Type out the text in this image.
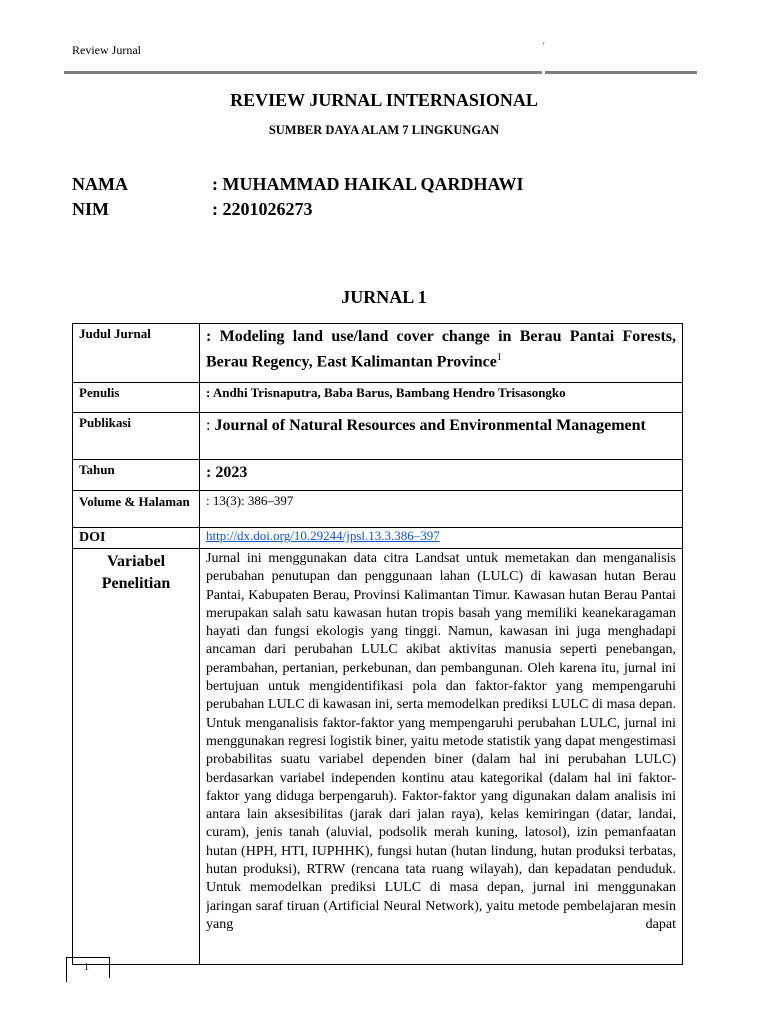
Review Jurnal	'
REVIEW JURNAL INTERNASIONAL
SUMBER DAYA ALAM 7 LINGKUNGAN
NAMA	: MUHAMMAD HAIKAL QARDHAWI
NIM	: 2201026273
JURNAL 1
Judul Jurnal	: Modeling land use/land cover change in Berau Pantai Forests, Berau Regency, East Kalimantan Province$^1$

Penulis	: Andhi Trisnaputra, Baba Barus, Bambang Hendro Trisasongko
Publikasi	: Journal of Natural Resources and Environmental Management

Tahun	: 2023
Volume & Halaman	: 13(3): 386–397
DOI	http://dx.doi.org/10.29244/jpsl.13.3.386–397

Variabel Penelitian	Jurnal ini menggunakan data citra Landsat untuk memetakan dan menganalisis perubahan penutupan dan penggunaan lahan (LULC) di kawasan hutan Berau Pantai, Kabupaten Berau, Provinsi Kalimantan Timur. Kawasan hutan Berau Pantai merupakan salah satu kawasan hutan tropis basah yang memiliki keanekaragaman hayati dan fungsi ekologis yang tinggi. Namun, kawasan ini juga menghadapi ancaman dari perubahan LULC akibat aktivitas manusia seperti penebangan, perambahan, pertanian, perkebunan, dan pembangunan. Oleh karena itu, jurnal ini bertujuan untuk mengidentifikasi pola dan faktor-faktor yang mempengaruhi perubahan LULC di kawasan ini, serta memodelkan prediksi LULC di masa depan. Untuk menganalisis faktor-faktor yang mempengaruhi perubahan LULC, jurnal ini menggunakan regresi logistik biner, yaitu metode statistik yang dapat mengestimasi probabilitas suatu variabel dependen biner (dalam hal ini perubahan LULC) berdasarkan variabel independen kontinu atau kategorikal (dalam hal ini faktor-faktor yang diduga berpengaruh). Faktor-faktor yang digunakan dalam analisis ini antara lain aksesibilitas (jarak dari jalan raya), kelas kemiringan (datar, landai, curam), jenis tanah (aluvial, podsolik merah kuning, latosol), izin pemanfaatan hutan (HPH, HTI, IUPHHK), fungsi hutan (hutan lindung, hutan produksi terbatas, hutan produksi), RTRW (rencana tata ruang wilayah), dan kepadatan penduduk. Untuk memodelkan prediksi LULC di masa depan, jurnal ini menggunakan jaringan saraf tiruan (Artificial Neural Network), yaitu metode pembelajaran mesin yang dapat
1
